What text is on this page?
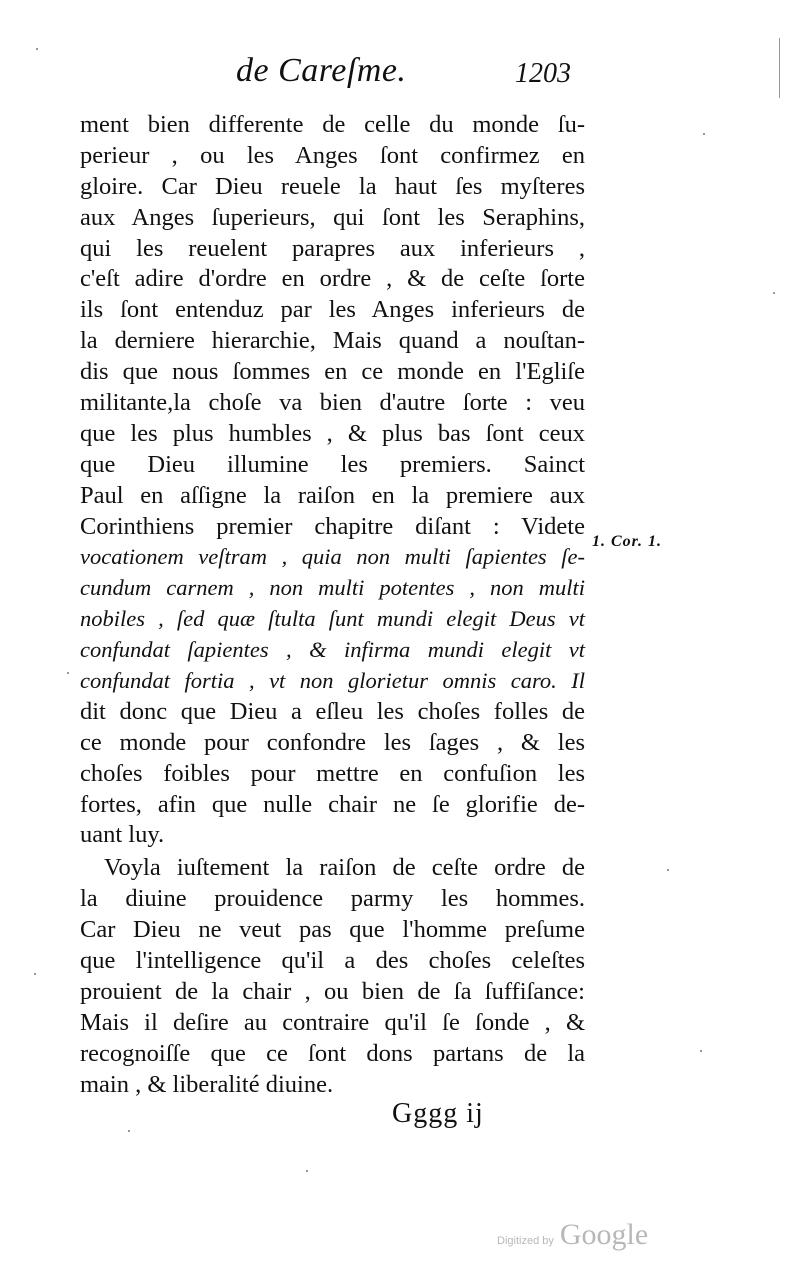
de Careſme.	1203
ment bien differente de celle du monde ſu-
perieur , ou les Anges ſont confirmez en
gloire. Car Dieu reuele la haut ſes myſteres
aux Anges ſuperieurs, qui ſont les Seraphins,
qui les reuelent parapres aux inferieurs ,
c'eſt adire d'ordre en ordre , & de ceſte ſorte
ils ſont entenduz par les Anges inferieurs de
la derniere hierarchie, Mais quand a nouſtan-
dis que nous ſommes en ce monde en l'Egliſe
militante,la choſe va bien d'autre ſorte : veu
que les plus humbles , & plus bas ſont ceux
que Dieu illumine les premiers. Sainct
Paul en aſſigne la raiſon en la premiere aux
Corinthiens premier chapitre diſant : Videte
vocationem veſtram , quia non multi ſapientes ſe-
cundum carnem , non multi potentes , non multi
nobiles , ſed quæ ſtulta ſunt mundi elegit Deus vt
confundat ſapientes , & infirma mundi elegit vt
confundat fortia , vt non glorietur omnis caro. Il
dit donc que Dieu a eſleu les choſes folles de
ce monde pour confondre les ſages , & les
choſes foibles pour mettre en confuſion les
fortes, afin que nulle chair ne ſe glorifie de-
uant luy.
Voyla iuſtement la raiſon de ceſte ordre de
la diuine prouidence parmy les hommes.
Car Dieu ne veut pas que l'homme preſume
que l'intelligence qu'il a des choſes celeſtes
prouient de la chair , ou bien de ſa ſuffiſance:
Mais il deſire au contraire qu'il ſe ſonde , &
recognoiſſe que ce ſont dons partans de la
main , & liberalité diuine.
1. Cor. 1.
Gggg ij
Digitized by Google
